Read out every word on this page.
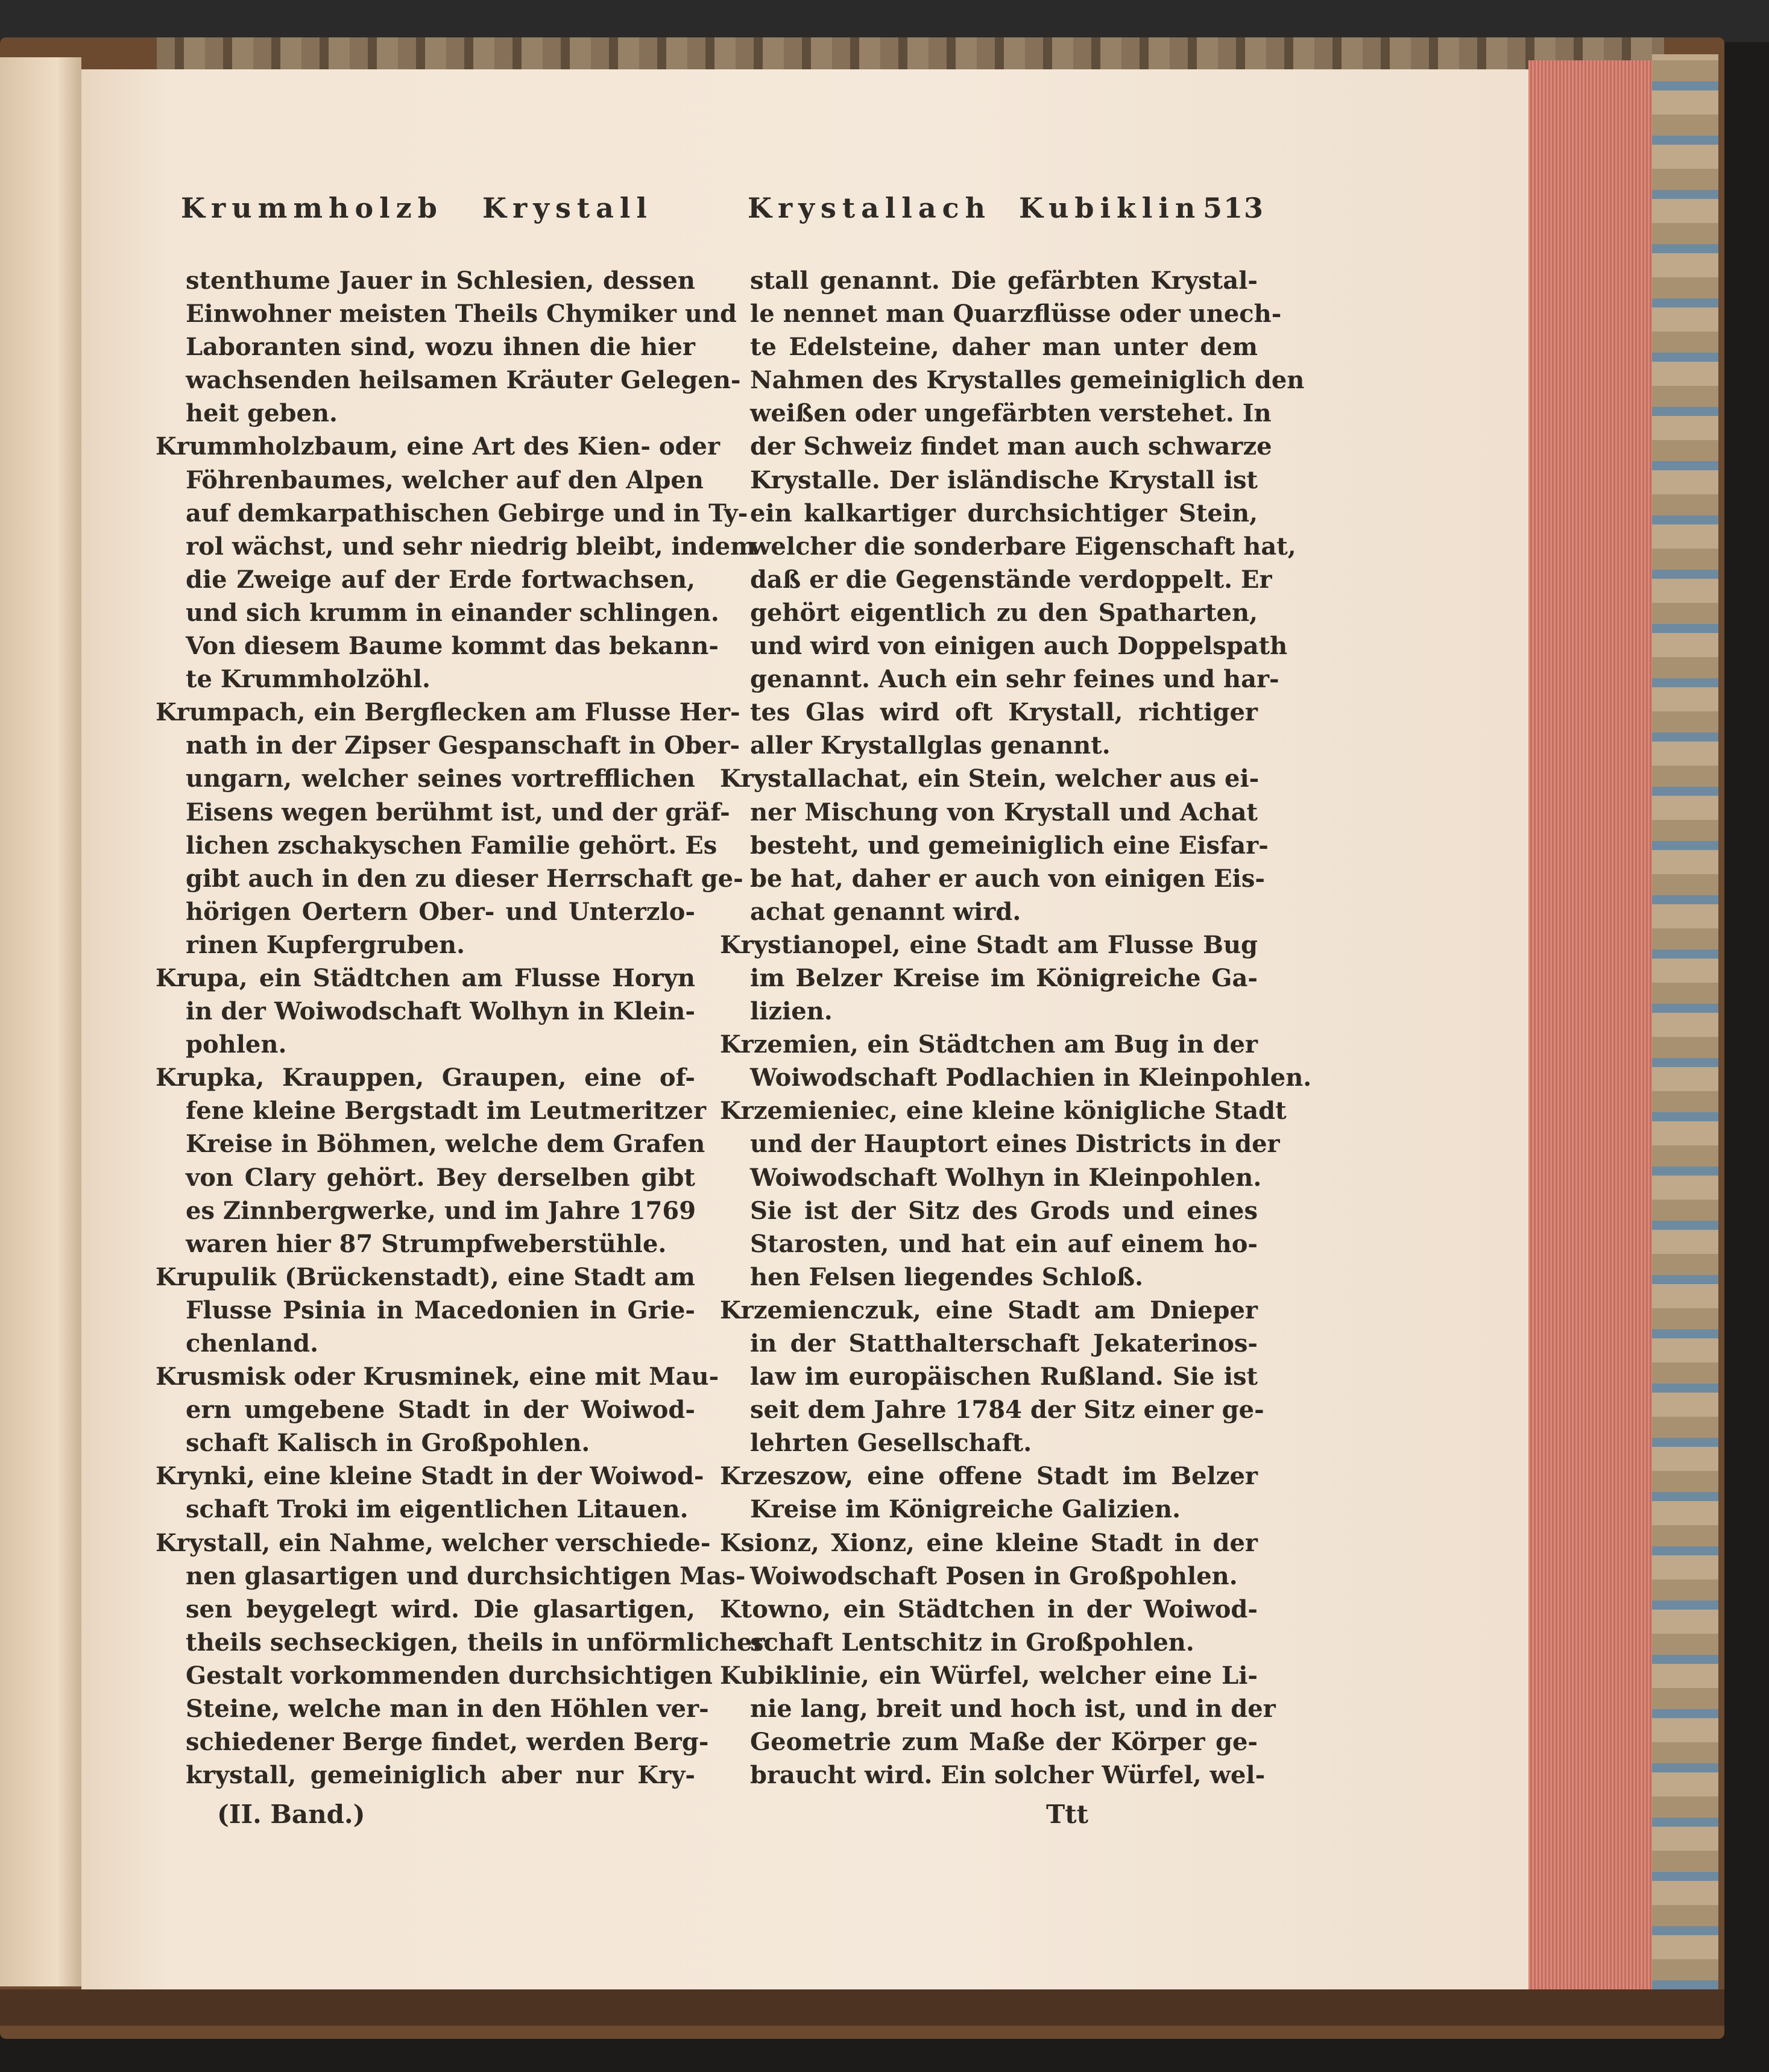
Krummholzb Krystall	Krystallach Kubiklin 513
stenthume Jauer in Schlesien, dessen
Einwohner meisten Theils Chymiker und
Laboranten sind, wozu ihnen die hier
wachsenden heilsamen Kräuter Gelegen-
heit geben.
Krummholzbaum, eine Art des Kien- oder
Föhrenbaumes, welcher auf den Alpen
auf demkarpathischen Gebirge und in Ty-
rol wächst, und sehr niedrig bleibt, indem
die Zweige auf der Erde fortwachsen,
und sich krumm in einander schlingen.
Von diesem Baume kommt das bekann-
te Krummholzöhl.
Krumpach, ein Bergflecken am Flusse Her-
nath in der Zipser Gespanschaft in Ober-
ungarn, welcher seines vortrefflichen
Eisens wegen berühmt ist, und der gräf-
lichen zschakyschen Familie gehört. Es
gibt auch in den zu dieser Herrschaft ge-
hörigen Oertern Ober- und Unterzlo-
rinen Kupfergruben.
Krupa, ein Städtchen am Flusse Horyn
in der Woiwodschaft Wolhyn in Klein-
pohlen.
Krupka, Krauppen, Graupen, eine of-
fene kleine Bergstadt im Leutmeritzer
Kreise in Böhmen, welche dem Grafen
von Clary gehört. Bey derselben gibt
es Zinnbergwerke, und im Jahre 1769
waren hier 87 Strumpfweberstühle.
Krupulik (Brückenstadt), eine Stadt am
Flusse Psinia in Macedonien in Grie-
chenland.
Krusmisk oder Krusminek, eine mit Mau-
ern umgebene Stadt in der Woiwod-
schaft Kalisch in Großpohlen.
Krynki, eine kleine Stadt in der Woiwod-
schaft Troki im eigentlichen Litauen.
Krystall, ein Nahme, welcher verschiede-
nen glasartigen und durchsichtigen Mas-
sen beygelegt wird. Die glasartigen,
theils sechseckigen, theils in unförmlicher
Gestalt vorkommenden durchsichtigen
Steine, welche man in den Höhlen ver-
schiedener Berge findet, werden Berg-
krystall, gemeiniglich aber nur Kry-
stall genannt. Die gefärbten Krystal-
le nennet man Quarzflüsse oder unech-
te Edelsteine, daher man unter dem
Nahmen des Krystalles gemeiniglich den
weißen oder ungefärbten verstehet. In
der Schweiz findet man auch schwarze
Krystalle. Der isländische Krystall ist
ein kalkartiger durchsichtiger Stein,
welcher die sonderbare Eigenschaft hat,
daß er die Gegenstände verdoppelt. Er
gehört eigentlich zu den Spatharten,
und wird von einigen auch Doppelspath
genannt. Auch ein sehr feines und har-
tes Glas wird oft Krystall, richtiger
aller Krystallglas genannt.
Krystallachat, ein Stein, welcher aus ei-
ner Mischung von Krystall und Achat
besteht, und gemeiniglich eine Eisfar-
be hat, daher er auch von einigen Eis-
achat genannt wird.
Krystianopel, eine Stadt am Flusse Bug
im Belzer Kreise im Königreiche Ga-
lizien.
Krzemien, ein Städtchen am Bug in der
Woiwodschaft Podlachien in Kleinpohlen.
Krzemieniec, eine kleine königliche Stadt
und der Hauptort eines Districts in der
Woiwodschaft Wolhyn in Kleinpohlen.
Sie ist der Sitz des Grods und eines
Starosten, und hat ein auf einem ho-
hen Felsen liegendes Schloß.
Krzemienczuk, eine Stadt am Dnieper
in der Statthalterschaft Jekaterinos-
law im europäischen Rußland. Sie ist
seit dem Jahre 1784 der Sitz einer ge-
lehrten Gesellschaft.
Krzeszow, eine offene Stadt im Belzer
Kreise im Königreiche Galizien.
Ksionz, Xionz, eine kleine Stadt in der
Woiwodschaft Posen in Großpohlen.
Ktowno, ein Städtchen in der Woiwod-
schaft Lentschitz in Großpohlen.
Kubiklinie, ein Würfel, welcher eine Li-
nie lang, breit und hoch ist, und in der
Geometrie zum Maße der Körper ge-
braucht wird. Ein solcher Würfel, wel-
(II. Band.)	Ttt
